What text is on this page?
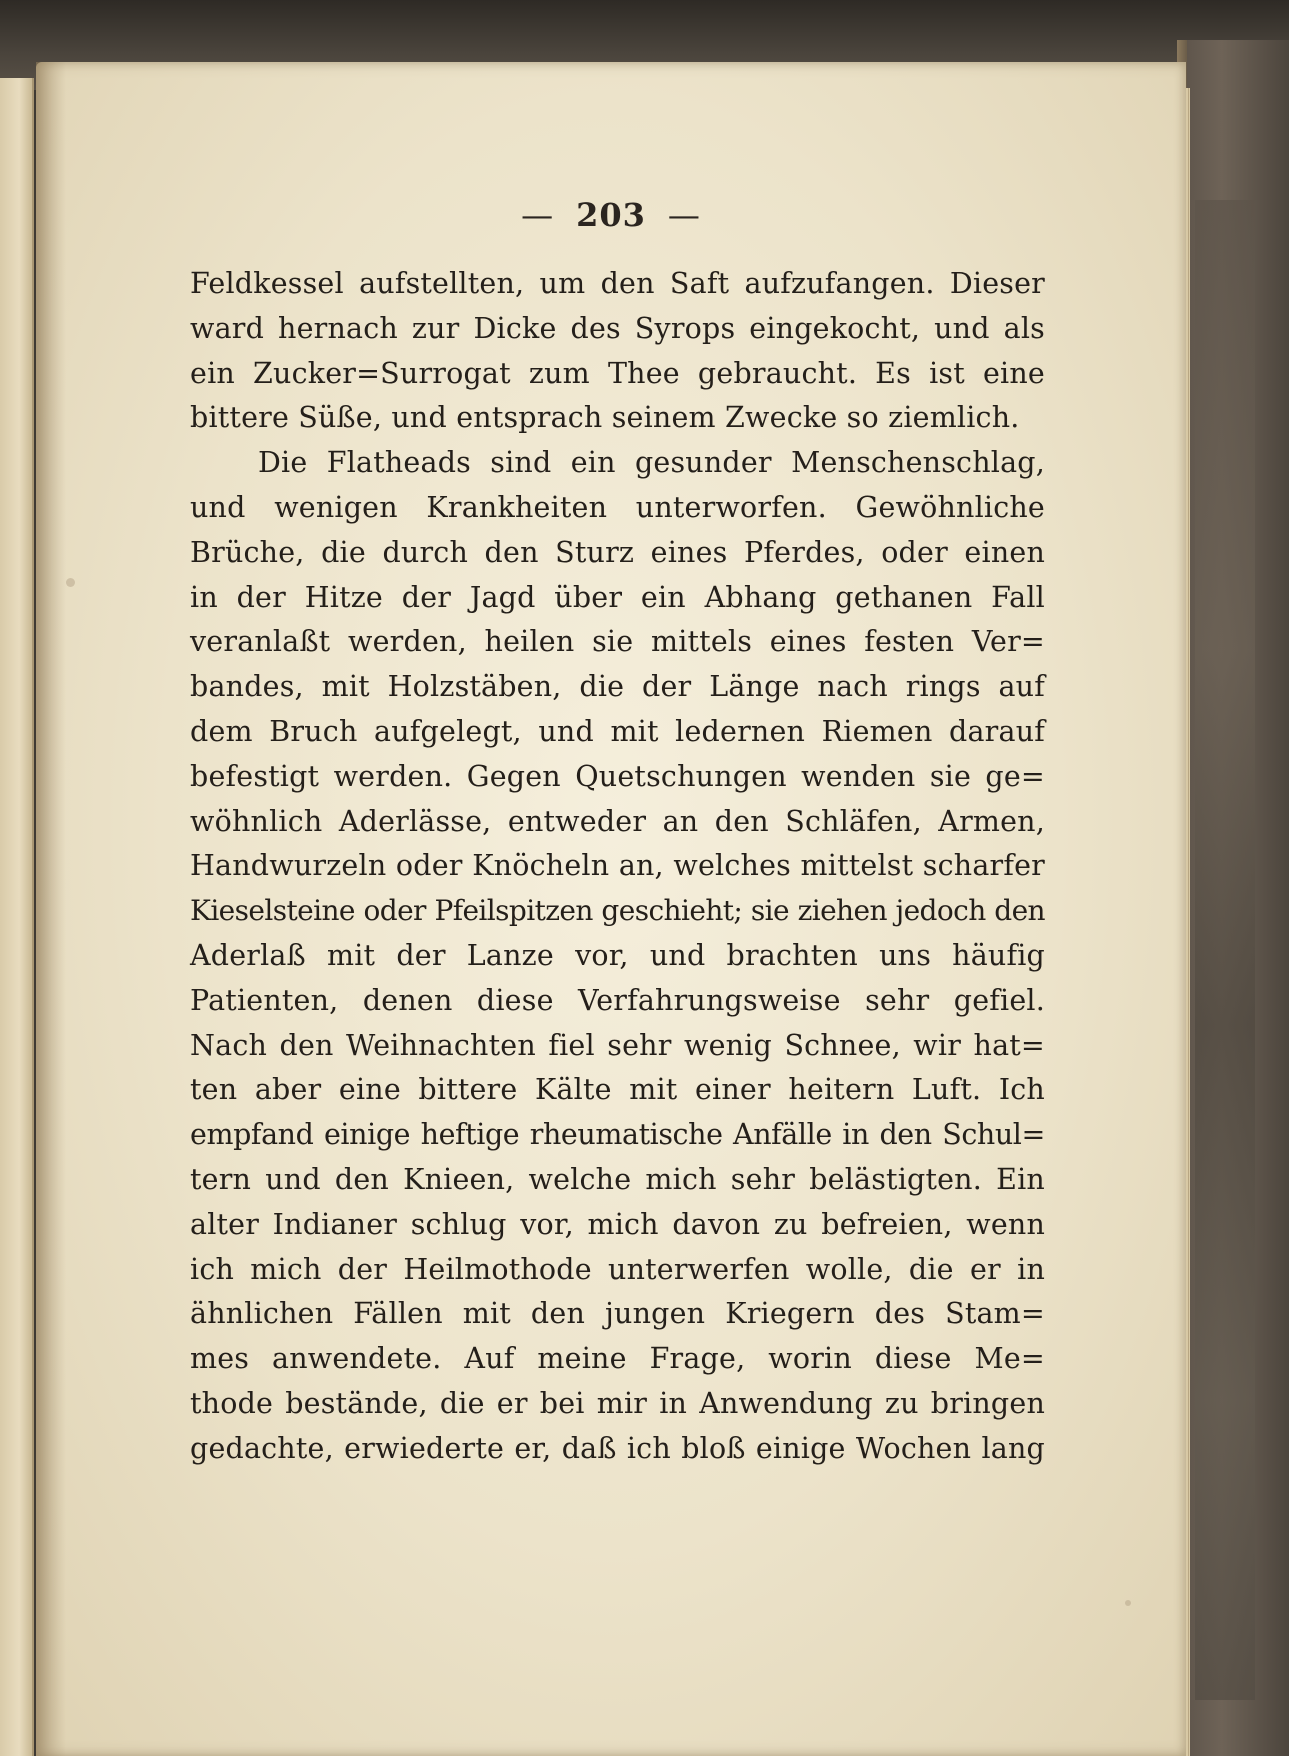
— 203 —
Feldkessel aufstellten, um den Saft aufzufangen. Dieser
ward hernach zur Dicke des Syrops eingekocht, und als
ein Zucker=Surrogat zum Thee gebraucht. Es ist eine
bittere Süße, und entsprach seinem Zwecke so ziemlich.
Die Flatheads sind ein gesunder Menschenschlag,
und wenigen Krankheiten unterworfen. Gewöhnliche
Brüche, die durch den Sturz eines Pferdes, oder einen
in der Hitze der Jagd über ein Abhang gethanen Fall
veranlaßt werden, heilen sie mittels eines festen Ver=
bandes, mit Holzstäben, die der Länge nach rings auf
dem Bruch aufgelegt, und mit ledernen Riemen darauf
befestigt werden. Gegen Quetschungen wenden sie ge=
wöhnlich Aderlässe, entweder an den Schläfen, Armen,
Handwurzeln oder Knöcheln an, welches mittelst scharfer
Kieselsteine oder Pfeilspitzen geschieht; sie ziehen jedoch den
Aderlaß mit der Lanze vor, und brachten uns häufig
Patienten, denen diese Verfahrungsweise sehr gefiel.
Nach den Weihnachten fiel sehr wenig Schnee, wir hat=
ten aber eine bittere Kälte mit einer heitern Luft. Ich
empfand einige heftige rheumatische Anfälle in den Schul=
tern und den Knieen, welche mich sehr belästigten. Ein
alter Indianer schlug vor, mich davon zu befreien, wenn
ich mich der Heilmothode unterwerfen wolle, die er in
ähnlichen Fällen mit den jungen Kriegern des Stam=
mes anwendete. Auf meine Frage, worin diese Me=
thode bestände, die er bei mir in Anwendung zu bringen
gedachte, erwiederte er, daß ich bloß einige Wochen lang
